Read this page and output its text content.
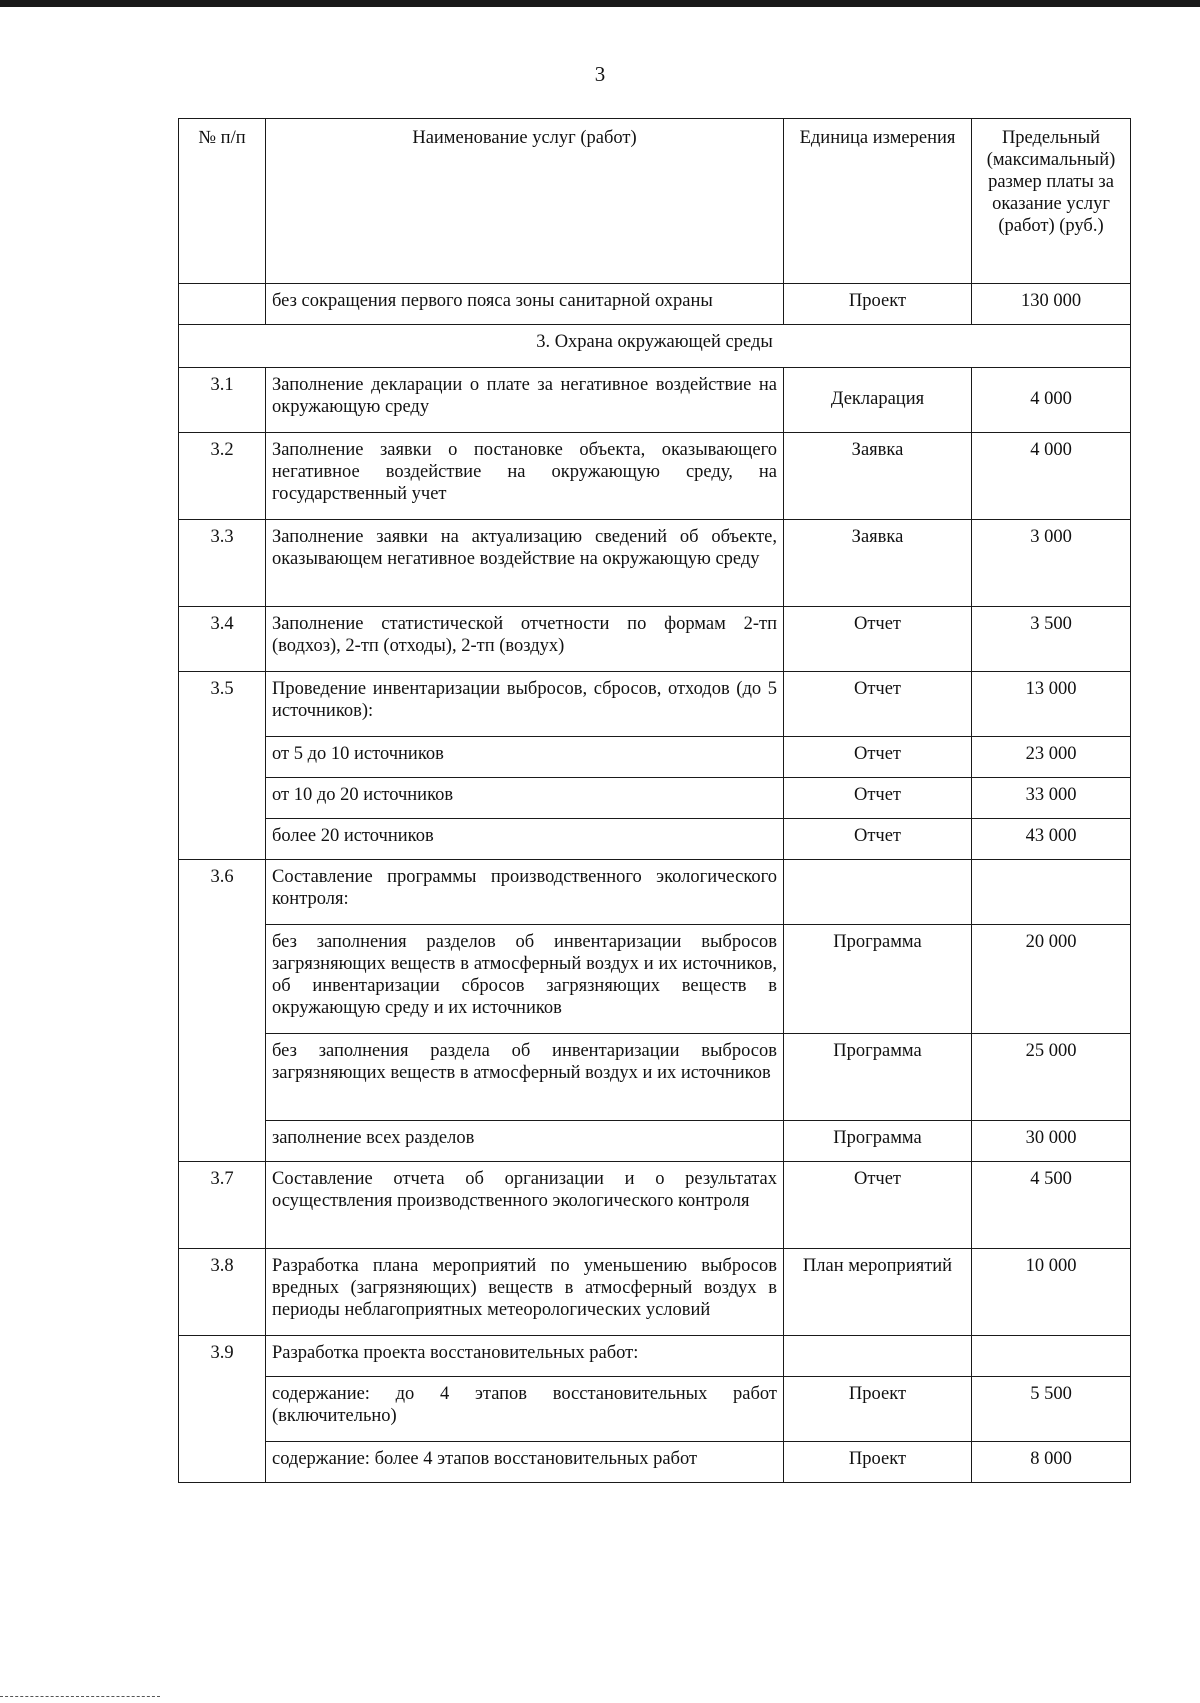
3
№ п/п	Наименование услуг (работ)	Единица измерения	Предельный (максимальный) размер платы за оказание услуг (работ) (руб.)
	без сокращения первого пояса зоны санитарной охраны	Проект	130 000
3. Охрана окружающей среды			
3.1	Заполнение декларации о плате за негативное воздействие на окружающую среду	Декларация	4 000
3.2	Заполнение заявки о постановке объекта, оказывающего негативное воздействие на окружающую среду, на государственный учет	Заявка	4 000
3.3	Заполнение заявки на актуализацию сведений об объекте, оказывающем негативное воздействие на окружающую среду	Заявка	3 000
3.4	Заполнение статистической отчетности по формам 2-тп (водхоз), 2-тп (отходы), 2-тп (воздух)	Отчет	3 500
3.5	Проведение инвентаризации выбросов, сбросов, отходов (до 5 источников):	Отчет	13 000
	от 5 до 10 источников	Отчет	23 000
	от 10 до 20 источников	Отчет	33 000
	более 20 источников	Отчет	43 000
3.6	Составление программы производственного экологического контроля:		
	без заполнения разделов об инвентаризации выбросов загрязняющих веществ в атмосферный воздух и их источников, об инвентаризации сбросов загрязняющих веществ в окружающую среду и их источников	Программа	20 000
	без заполнения раздела об инвентаризации выбросов загрязняющих веществ в атмосферный воздух и их источников	Программа	25 000
	заполнение всех разделов	Программа	30 000
3.7	Составление отчета об организации и о результатах осуществления производственного экологического контроля	Отчет	4 500
3.8	Разработка плана мероприятий по уменьшению выбросов вредных (загрязняющих) веществ в атмосферный воздух в периоды неблагоприятных метеорологических условий	План мероприятий	10 000
3.9	Разработка проекта восстановительных работ:		
	содержание: до 4 этапов восстановительных работ (включительно)	Проект	5 500
	содержание: более 4 этапов восстановительных работ	Проект	8 000
